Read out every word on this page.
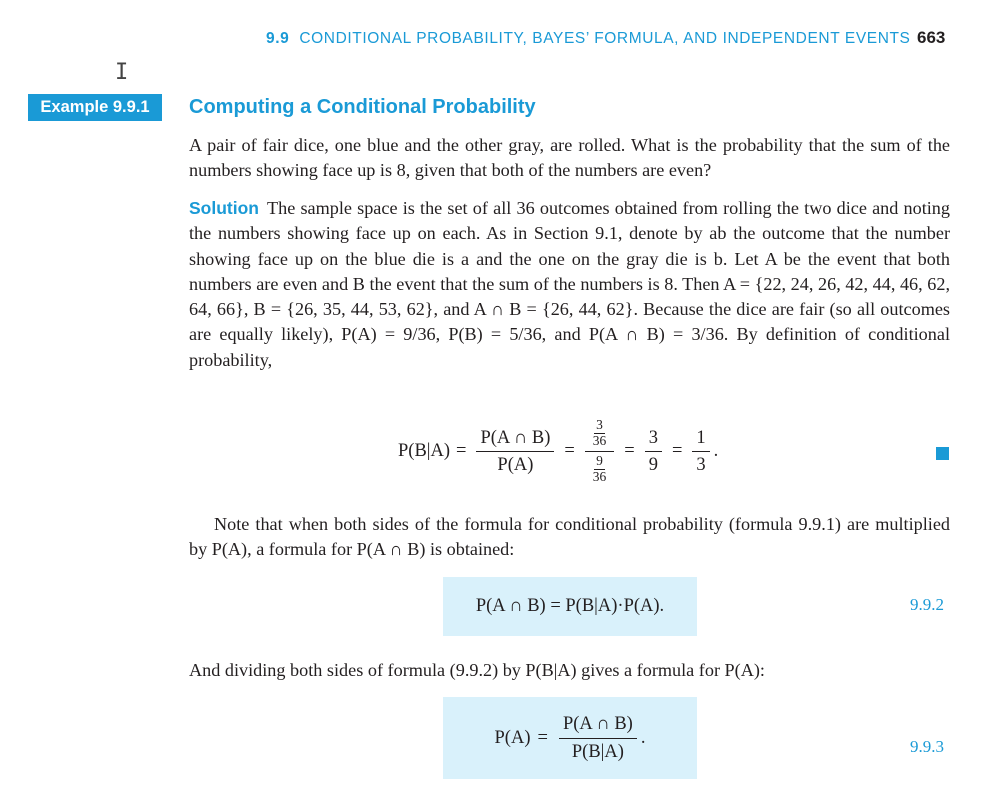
9.9 CONDITIONAL PROBABILITY, BAYES’ FORMULA, AND INDEPENDENT EVENTS 663
I
Example 9.9.1	Computing a Conditional Probability

A pair of fair dice, one blue and the other gray, are rolled. What is the probability that the sum of the numbers showing face up is 8, given that both of the numbers are even?

Solution The sample space is the set of all 36 outcomes obtained from rolling the two dice and noting the numbers showing face up on each. As in Section 9.1, denote by ab the outcome that the number showing face up on the blue die is a and the one on the gray die is b. Let A be the event that both numbers are even and B the event that the sum of the numbers is 8. Then A = {22, 24, 26, 42, 44, 46, 62, 64, 66}, B = {26, 35, 44, 53, 62}, and A ∩ B = {26, 44, 62}. Because the dice are fair (so all outcomes are equally likely), P(A) = 9/36, P(B) = 5/36, and P(A ∩ B) = 3/36. By definition of conditional probability,

$P(B|A) = \frac{P(A \cap B)}{P(A)} = \frac{\frac{3}{36}}{\frac{9}{36}} = \frac{3}{9} = \frac{1}{3}$ .

Note that when both sides of the formula for conditional probability (formula 9.9.1) are multiplied by P(A), a formula for P(A ∩ B) is obtained:

P(A ∩ B) = P(B|A)·P(A).	9.9.2

And dividing both sides of formula (9.9.2) by P(B|A) gives a formula for P(A):

$P(A) = \frac{P(A \cap B)}{P(B|A)}$ .	9.9.3
